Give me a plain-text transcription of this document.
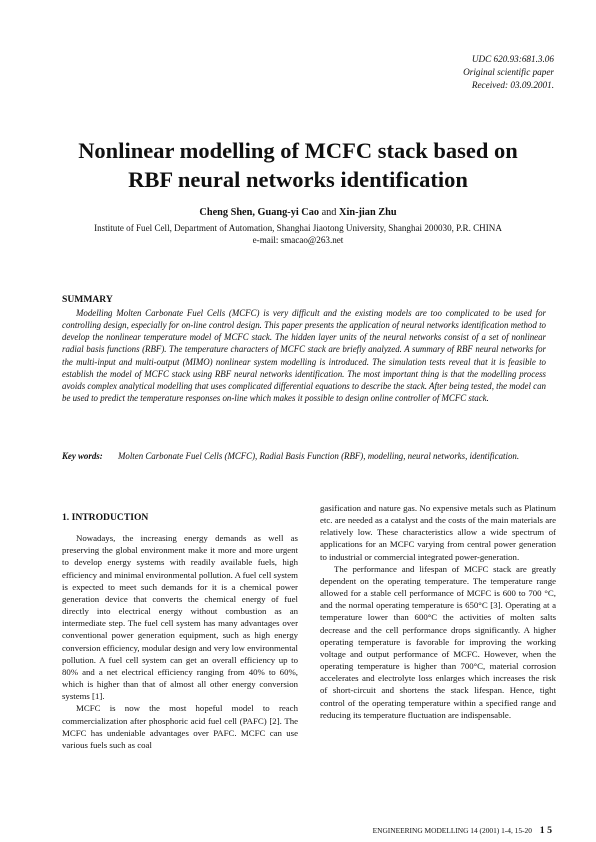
UDC 620.93:681.3.06
Original scientific paper
Received: 03.09.2001.
Nonlinear modelling of MCFC stack based on
RBF neural networks identification
Cheng Shen, Guang-yi Cao and Xin-jian Zhu
Institute of Fuel Cell, Department of Automation, Shanghai Jiaotong University, Shanghai 200030, P.R. CHINA
e-mail: smacao@263.net
SUMMARY
Modelling Molten Carbonate Fuel Cells (MCFC) is very difficult and the existing models are too complicated to be used for controlling design, especially for on-line control design. This paper presents the application of neural networks identification method to develop the nonlinear temperature model of MCFC stack. The hidden layer units of the neural networks consist of a set of nonlinear radial basis functions (RBF). The temperature characters of MCFC stack are briefly analyzed. A summary of RBF neural networks for the multi-input and multi-output (MIMO) nonlinear system modelling is introduced. The simulation tests reveal that it is feasible to establish the model of MCFC stack using RBF neural networks identification. The most important thing is that the modelling process avoids complex analytical modelling that uses complicated differential equations to describe the stack. After being tested, the model can be used to predict the temperature responses on-line which makes it possible to design online controller of MCFC stack.
Key words: Molten Carbonate Fuel Cells (MCFC), Radial Basis Function (RBF), modelling, neural networks, identification.
1. INTRODUCTION

Nowadays, the increasing energy demands as well as preserving the global environment make it more and more urgent to develop energy systems with readily available fuels, high efficiency and minimal environmental pollution. A fuel cell system is expected to meet such demands for it is a chemical power generation device that converts the chemical energy of fuel directly into electrical energy without combustion as an intermediate step. The fuel cell system has many advantages over conventional power generation equipment, such as high energy conversion efficiency, modular design and very low environmental pollution. A fuel cell system can get an overall efficiency up to 80% and a net electrical efficiency ranging from 40% to 60%, which is higher than that of almost all other energy conversion systems [1].

MCFC is now the most hopeful model to reach commercialization after phosphoric acid fuel cell (PAFC) [2]. The MCFC has undeniable advantages over PAFC. MCFC can use various fuels such as coal

gasification and nature gas. No expensive metals such as Platinum etc. are needed as a catalyst and the costs of the main materials are relatively low. These characteristics allow a wide spectrum of applications for an MCFC varying from central power generation to industrial or commercial integrated power-generation.

The performance and lifespan of MCFC stack are greatly dependent on the operating temperature. The temperature range allowed for a stable cell performance of MCFC is 600 to 700 °C, and the normal operating temperature is 650°C [3]. Operating at a temperature lower than 600°C the activities of molten salts decrease and the cell performance drops significantly. A higher operating temperature is favorable for improving the working voltage and output performance of MCFC. However, when the operating temperature is higher than 700°C, material corrosion accelerates and electrolyte loss enlarges which increases the risk of short-circuit and shortens the stack lifespan. Hence, tight control of the operating temperature within a specified range and reducing its temperature fluctuation are indispensable.

ENGINEERING MODELLING 14 (2001) 1-4, 15-20 1 5
